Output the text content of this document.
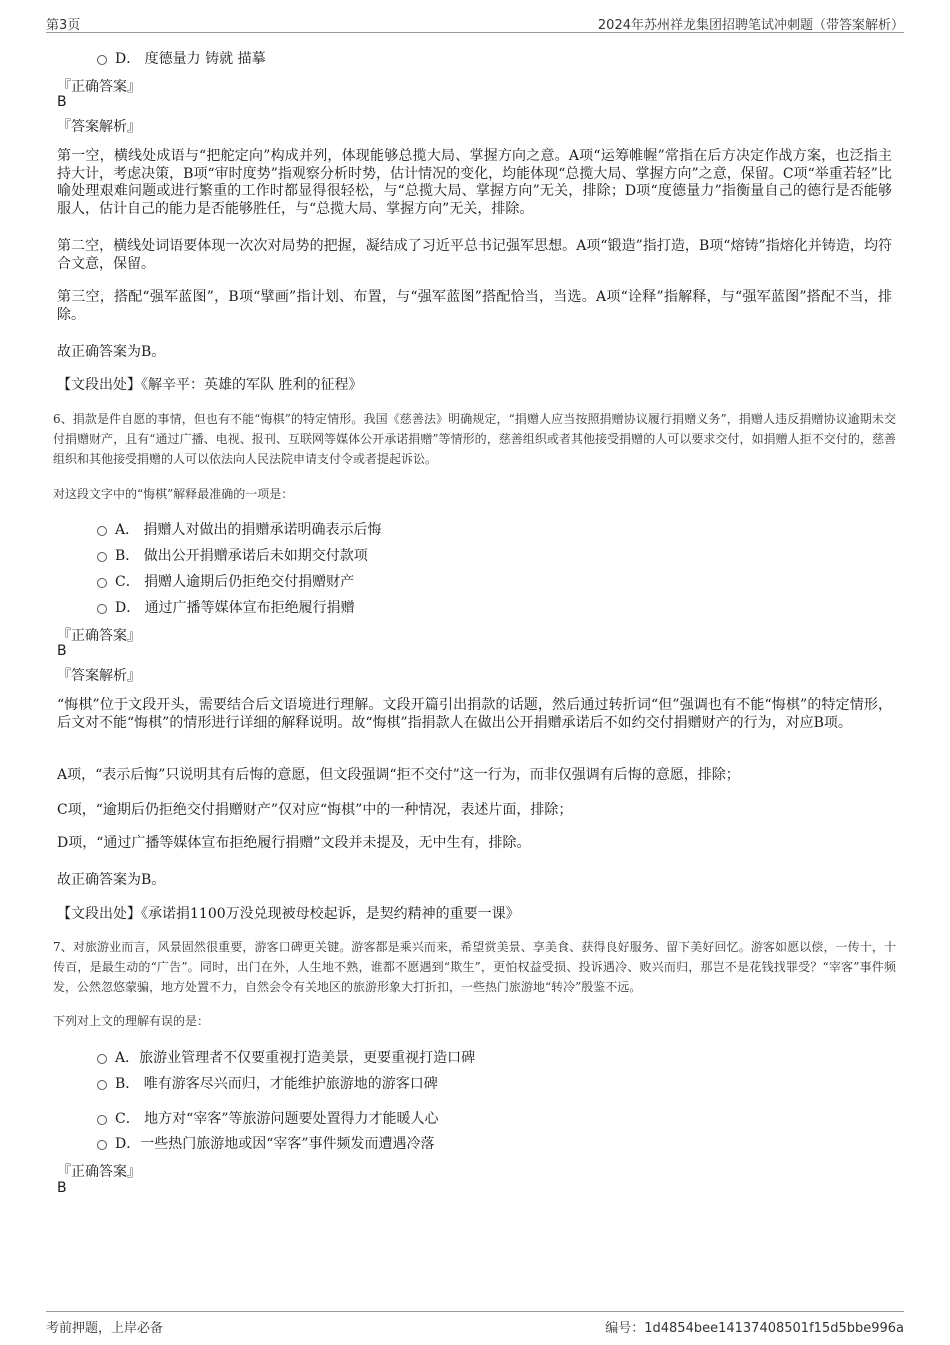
第3页	2024年苏州祥龙集团招聘笔试冲刺题（带答案解析）
D． 度德量力 铸就 描摹
『正确答案』
B
『答案解析』
第一空，横线处成语与“把舵定向”构成并列，体现能够总揽大局、掌握方向之意。A项“运筹帷幄”常指在后方决定作战方案，也泛指主持大计，考虑决策，B项“审时度势”指观察分析时势，估计情况的变化，均能体现“总揽大局、掌握方向”之意，保留。C项“举重若轻”比喻处理艰难问题或进行繁重的工作时都显得很轻松，与“总揽大局、掌握方向”无关，排除；D项“度德量力”指衡量自己的德行是否能够服人，估计自己的能力是否能够胜任，与“总揽大局、掌握方向”无关，排除。
第二空，横线处词语要体现一次次对局势的把握，凝结成了习近平总书记强军思想。A项“锻造”指打造，B项“熔铸”指熔化并铸造，均符合文意，保留。
第三空，搭配“强军蓝图”，B项“擘画”指计划、布置，与“强军蓝图”搭配恰当，当选。A项“诠释”指解释，与“强军蓝图”搭配不当，排除。
故正确答案为B。
【文段出处】《解辛平：英雄的军队 胜利的征程》
6、捐款是件自愿的事情，但也有不能“悔棋”的特定情形。我国《慈善法》明确规定，“捐赠人应当按照捐赠协议履行捐赠义务”，捐赠人违反捐赠协议逾期未交付捐赠财产，且有“通过广播、电视、报刊、互联网等媒体公开承诺捐赠”等情形的，慈善组织或者其他接受捐赠的人可以要求交付，如捐赠人拒不交付的，慈善组织和其他接受捐赠的人可以依法向人民法院申请支付令或者提起诉讼。
对这段文字中的“悔棋”解释最准确的一项是：
A． 捐赠人对做出的捐赠承诺明确表示后悔
B． 做出公开捐赠承诺后未如期交付款项
C． 捐赠人逾期后仍拒绝交付捐赠财产
D． 通过广播等媒体宣布拒绝履行捐赠
『正确答案』
B
『答案解析』
“悔棋”位于文段开头，需要结合后文语境进行理解。文段开篇引出捐款的话题，然后通过转折词“但”强调也有不能“悔棋”的特定情形，后文对不能“悔棋”的情形进行详细的解释说明。故“悔棋”指捐款人在做出公开捐赠承诺后不如约交付捐赠财产的行为，对应B项。
A项，“表示后悔”只说明其有后悔的意愿，但文段强调“拒不交付”这一行为，而非仅强调有后悔的意愿，排除；
C项，“逾期后仍拒绝交付捐赠财产”仅对应“悔棋”中的一种情况，表述片面，排除；
D项，“通过广播等媒体宣布拒绝履行捐赠”文段并未提及，无中生有，排除。
故正确答案为B。
【文段出处】《承诺捐1100万没兑现被母校起诉，是契约精神的重要一课》
7、对旅游业而言，风景固然很重要，游客口碑更关键。游客都是乘兴而来，希望赏美景、享美食、获得良好服务、留下美好回忆。游客如愿以偿，一传十，十传百，是最生动的“广告”。同时，出门在外，人生地不熟，谁都不愿遇到“欺生”，更怕权益受损、投诉遇冷、败兴而归，那岂不是花钱找罪受？“宰客”事件频发，公然忽悠蒙骗，地方处置不力，自然会令有关地区的旅游形象大打折扣，一些热门旅游地“转冷”殷鉴不远。
下列对上文的理解有误的是：
A．旅游业管理者不仅要重视打造美景，更要重视打造口碑
B． 唯有游客尽兴而归，才能维护旅游地的游客口碑
C． 地方对“宰客”等旅游问题要处置得力才能暖人心
D．一些热门旅游地或因“宰客”事件频发而遭遇冷落
『正确答案』
B
考前押题，上岸必备	编号：1d4854bee14137408501f15d5bbe996a
